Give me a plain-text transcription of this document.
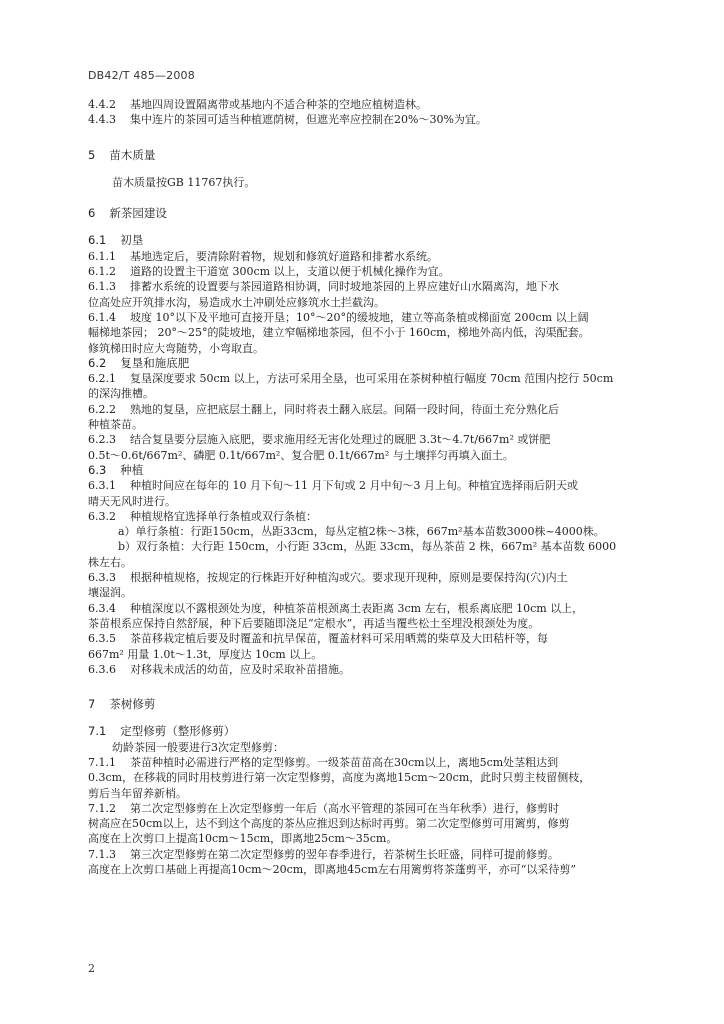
DB42/T 485—2008
4.4.2 基地四周设置隔离带或基地内不适合种茶的空地应植树造林。
4.4.3 集中连片的茶园可适当种植遮荫树，但遮光率应控制在20%～30%为宜。
5 苗木质量
苗木质量按GB 11767执行。
6 新茶园建设
6.1 初垦
6.1.1 基地选定后，要清除附着物，规划和修筑好道路和排蓄水系统。
6.1.2 道路的设置主干道宽 300cm 以上，支道以便于机械化操作为宜。
6.1.3 排蓄水系统的设置要与茶园道路相协调，同时坡地茶园的上界应建好山水隔离沟，地下水
位高处应开筑排水沟，易造成水土冲刷处应修筑水土拦截沟。
6.1.4 坡度 10°以下及平地可直接开垦；10°～20°的缓坡地，建立等高条植或梯面宽 200cm 以上阔
幅梯地茶园； 20°～25°的陡坡地，建立窄幅梯地茶园，但不小于 160cm，梯地外高内低，沟渠配套。
修筑梯田时应大弯随势，小弯取直。
6.2 复垦和施底肥
6.2.1 复垦深度要求 50cm 以上，方法可采用全垦，也可采用在茶树种植行幅度 70cm 范围内挖行 50cm
的深沟推槽。
6.2.2 熟地的复垦，应把底层土翻上，同时将表土翻入底层。间隔一段时间，待面土充分熟化后
种植茶苗。
6.2.3 结合复垦要分层施入底肥，要求施用经无害化处理过的厩肥 3.3t～4.7t/667m² 或饼肥
0.5t～0.6t/667m²、磷肥 0.1t/667m²、复合肥 0.1t/667m² 与土壤拌匀再填入面土。
6.3 种植
6.3.1 种植时间应在每年的 10 月下旬～11 月下旬或 2 月中旬～3 月上旬。种植宜选择雨后阴天或
晴天无风时进行。
6.3.2 种植规格宜选择单行条植或双行条植：
a）单行条植：行距150cm，丛距33cm，每丛定植2株～3株，667m²基本苗数3000株~4000株。
b）双行条植：大行距 150cm，小行距 33cm，丛距 33cm，每丛茶苗 2 株，667m² 基本苗数 6000
株左右。
6.3.3 根据种植规格，按规定的行株距开好种植沟或穴。要求现开现种，原则是要保持沟(穴)内土
壤湿润。
6.3.4 种植深度以不露根颈处为度，种植茶苗根颈离土表距离 3cm 左右，根系离底肥 10cm 以上，
茶苗根系应保持自然舒展，种下后要随即浇足“定根水”，再适当覆些松土至埋没根颈处为度。
6.3.5 茶苗移栽定植后要及时覆盖和抗旱保苗，覆盖材料可采用晒蔫的柴草及大田秸杆等，每
667m² 用量 1.0t～1.3t，厚度达 10cm 以上。
6.3.6 对移栽未成活的幼苗，应及时采取补苗措施。
7 茶树修剪
7.1 定型修剪（整形修剪）
幼龄茶园一般要进行3次定型修剪：
7.1.1 茶苗种植时必需进行严格的定型修剪。一级茶苗苗高在30cm以上，离地5cm处茎粗达到
0.3cm，在移栽的同时用枝剪进行第一次定型修剪，高度为离地15cm～20cm，此时只剪主枝留侧枝，
剪后当年留养新梢。
7.1.2 第二次定型修剪在上次定型修剪一年后（高水平管理的茶园可在当年秋季）进行，修剪时
树高应在50cm以上，达不到这个高度的茶丛应推迟到达标时再剪。第二次定型修剪可用篱剪，修剪
高度在上次剪口上提高10cm～15cm，即离地25cm～35cm。
7.1.3 第三次定型修剪在第二次定型修剪的翌年春季进行，若茶树生长旺盛，同样可提前修剪。
高度在上次剪口基础上再提高10cm～20cm，即离地45cm左右用篱剪将茶蓬剪平，亦可“以采待剪”
2
